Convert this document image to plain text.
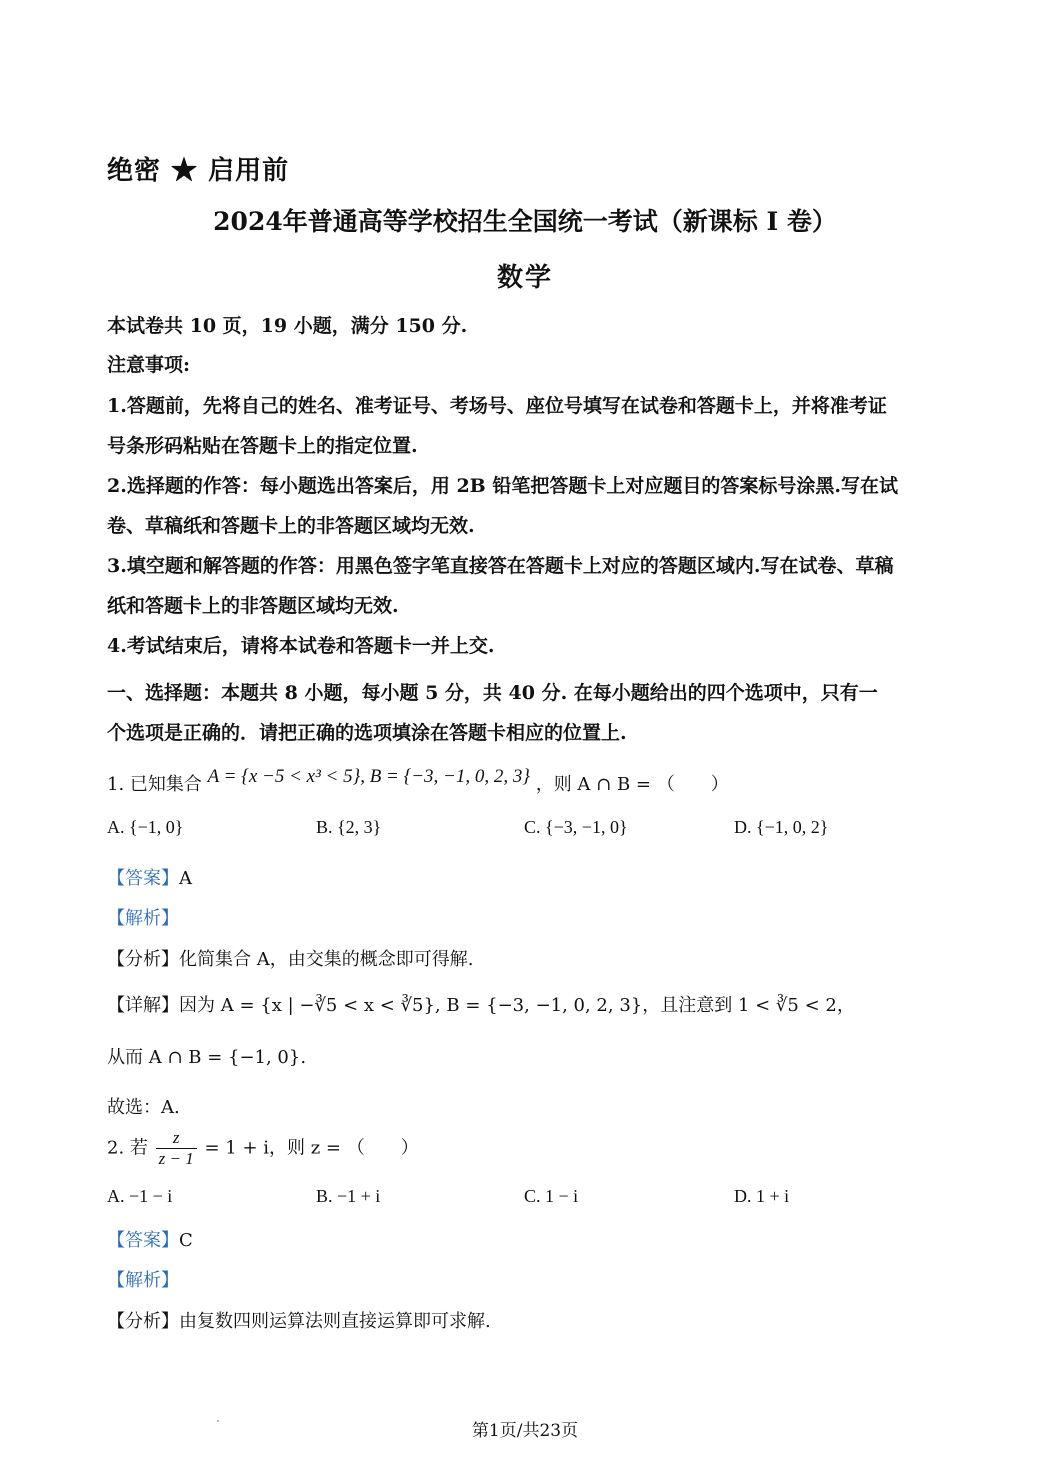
绝密 ★ 启用前
2024年普通高等学校招生全国统一考试（新课标 I 卷）
数学
本试卷共 10 页，19 小题，满分 150 分.
注意事项:
1.答题前，先将自己的姓名、准考证号、考场号、座位号填写在试卷和答题卡上，并将准考证
号条形码粘贴在答题卡上的指定位置.
2.选择题的作答：每小题选出答案后，用 2B 铅笔把答题卡上对应题目的答案标号涂黑.写在试
卷、草稿纸和答题卡上的非答题区域均无效.
3.填空题和解答题的作答：用黑色签字笔直接答在答题卡上对应的答题区域内.写在试卷、草稿
纸和答题卡上的非答题区域均无效.
4.考试结束后，请将本试卷和答题卡一并上交.
一、选择题：本题共 8 小题，每小题 5 分，共 40 分. 在每小题给出的四个选项中，只有一
个选项是正确的．请把正确的选项填涂在答题卡相应的位置上.
1. 已知集合 A = {x −5 < x³ < 5}, B = {−3, −1, 0, 2, 3} ，则 A ∩ B = （　　）
A. {−1, 0}	B. {2, 3}	C. {−3, −1, 0}	D. {−1, 0, 2}
【答案】A
【解析】
【分析】化简集合 A，由交集的概念即可得解.
【详解】因为 A = {x | −∛5 < x < ∛5}, B = {−3, −1, 0, 2, 3}，且注意到 1 < ∛5 < 2，
从而 A ∩ B = {−1, 0}.
故选：A.
2. 若 $\frac{z}{z - 1} = 1 + i$，则 z = （　　）
A. −1 − i	B. −1 + i	C. 1 − i	D. 1 + i
【答案】C
【解析】
【分析】由复数四则运算法则直接运算即可求解.
第1页/共23页
